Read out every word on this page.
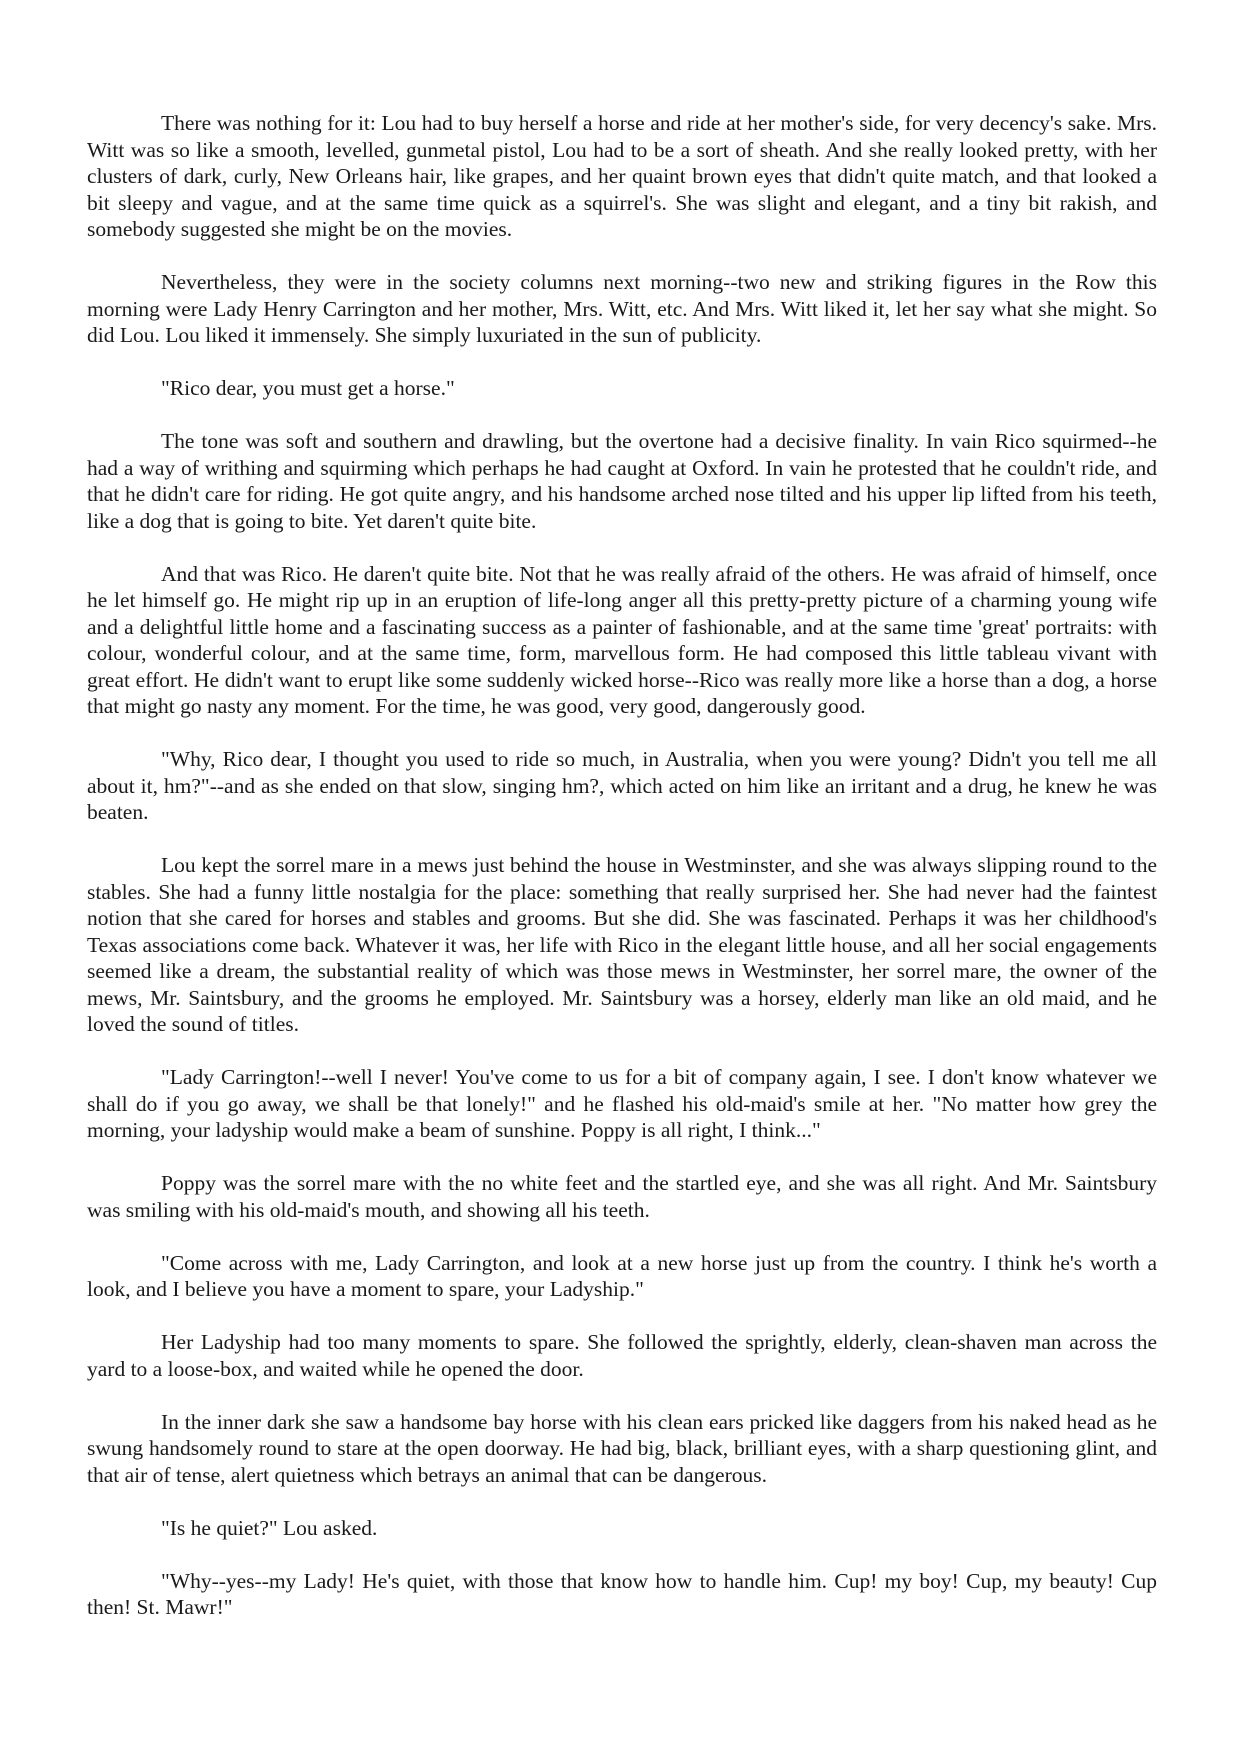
There was nothing for it: Lou had to buy herself a horse and ride at her mother's side, for very decency's sake. Mrs. Witt was so like a smooth, levelled, gunmetal pistol, Lou had to be a sort of sheath. And she really looked pretty, with her clusters of dark, curly, New Orleans hair, like grapes, and her quaint brown eyes that didn't quite match, and that looked a bit sleepy and vague, and at the same time quick as a squirrel's. She was slight and elegant, and a tiny bit rakish, and somebody suggested she might be on the movies.

Nevertheless, they were in the society columns next morning--two new and striking figures in the Row this morning were Lady Henry Carrington and her mother, Mrs. Witt, etc. And Mrs. Witt liked it, let her say what she might. So did Lou. Lou liked it immensely. She simply luxuriated in the sun of publicity.

"Rico dear, you must get a horse."

The tone was soft and southern and drawling, but the overtone had a decisive finality. In vain Rico squirmed--he had a way of writhing and squirming which perhaps he had caught at Oxford. In vain he protested that he couldn't ride, and that he didn't care for riding. He got quite angry, and his handsome arched nose tilted and his upper lip lifted from his teeth, like a dog that is going to bite. Yet daren't quite bite.

And that was Rico. He daren't quite bite. Not that he was really afraid of the others. He was afraid of himself, once he let himself go. He might rip up in an eruption of life-long anger all this pretty-pretty picture of a charming young wife and a delightful little home and a fascinating success as a painter of fashionable, and at the same time 'great' portraits: with colour, wonderful colour, and at the same time, form, marvellous form. He had composed this little tableau vivant with great effort. He didn't want to erupt like some suddenly wicked horse--Rico was really more like a horse than a dog, a horse that might go nasty any moment. For the time, he was good, very good, dangerously good.

"Why, Rico dear, I thought you used to ride so much, in Australia, when you were young? Didn't you tell me all about it, hm?"--and as she ended on that slow, singing hm?, which acted on him like an irritant and a drug, he knew he was beaten.

Lou kept the sorrel mare in a mews just behind the house in Westminster, and she was always slipping round to the stables. She had a funny little nostalgia for the place: something that really surprised her. She had never had the faintest notion that she cared for horses and stables and grooms. But she did. She was fascinated. Perhaps it was her childhood's Texas associations come back. Whatever it was, her life with Rico in the elegant little house, and all her social engagements seemed like a dream, the substantial reality of which was those mews in Westminster, her sorrel mare, the owner of the mews, Mr. Saintsbury, and the grooms he employed. Mr. Saintsbury was a horsey, elderly man like an old maid, and he loved the sound of titles.

"Lady Carrington!--well I never! You've come to us for a bit of company again, I see. I don't know whatever we shall do if you go away, we shall be that lonely!" and he flashed his old-maid's smile at her. "No matter how grey the morning, your ladyship would make a beam of sunshine. Poppy is all right, I think..."

Poppy was the sorrel mare with the no white feet and the startled eye, and she was all right. And Mr. Saintsbury was smiling with his old-maid's mouth, and showing all his teeth.

"Come across with me, Lady Carrington, and look at a new horse just up from the country. I think he's worth a look, and I believe you have a moment to spare, your Ladyship."

Her Ladyship had too many moments to spare. She followed the sprightly, elderly, clean-shaven man across the yard to a loose-box, and waited while he opened the door.

In the inner dark she saw a handsome bay horse with his clean ears pricked like daggers from his naked head as he swung handsomely round to stare at the open doorway. He had big, black, brilliant eyes, with a sharp questioning glint, and that air of tense, alert quietness which betrays an animal that can be dangerous.

"Is he quiet?" Lou asked.

"Why--yes--my Lady! He's quiet, with those that know how to handle him. Cup! my boy! Cup, my beauty! Cup then! St. Mawr!"
